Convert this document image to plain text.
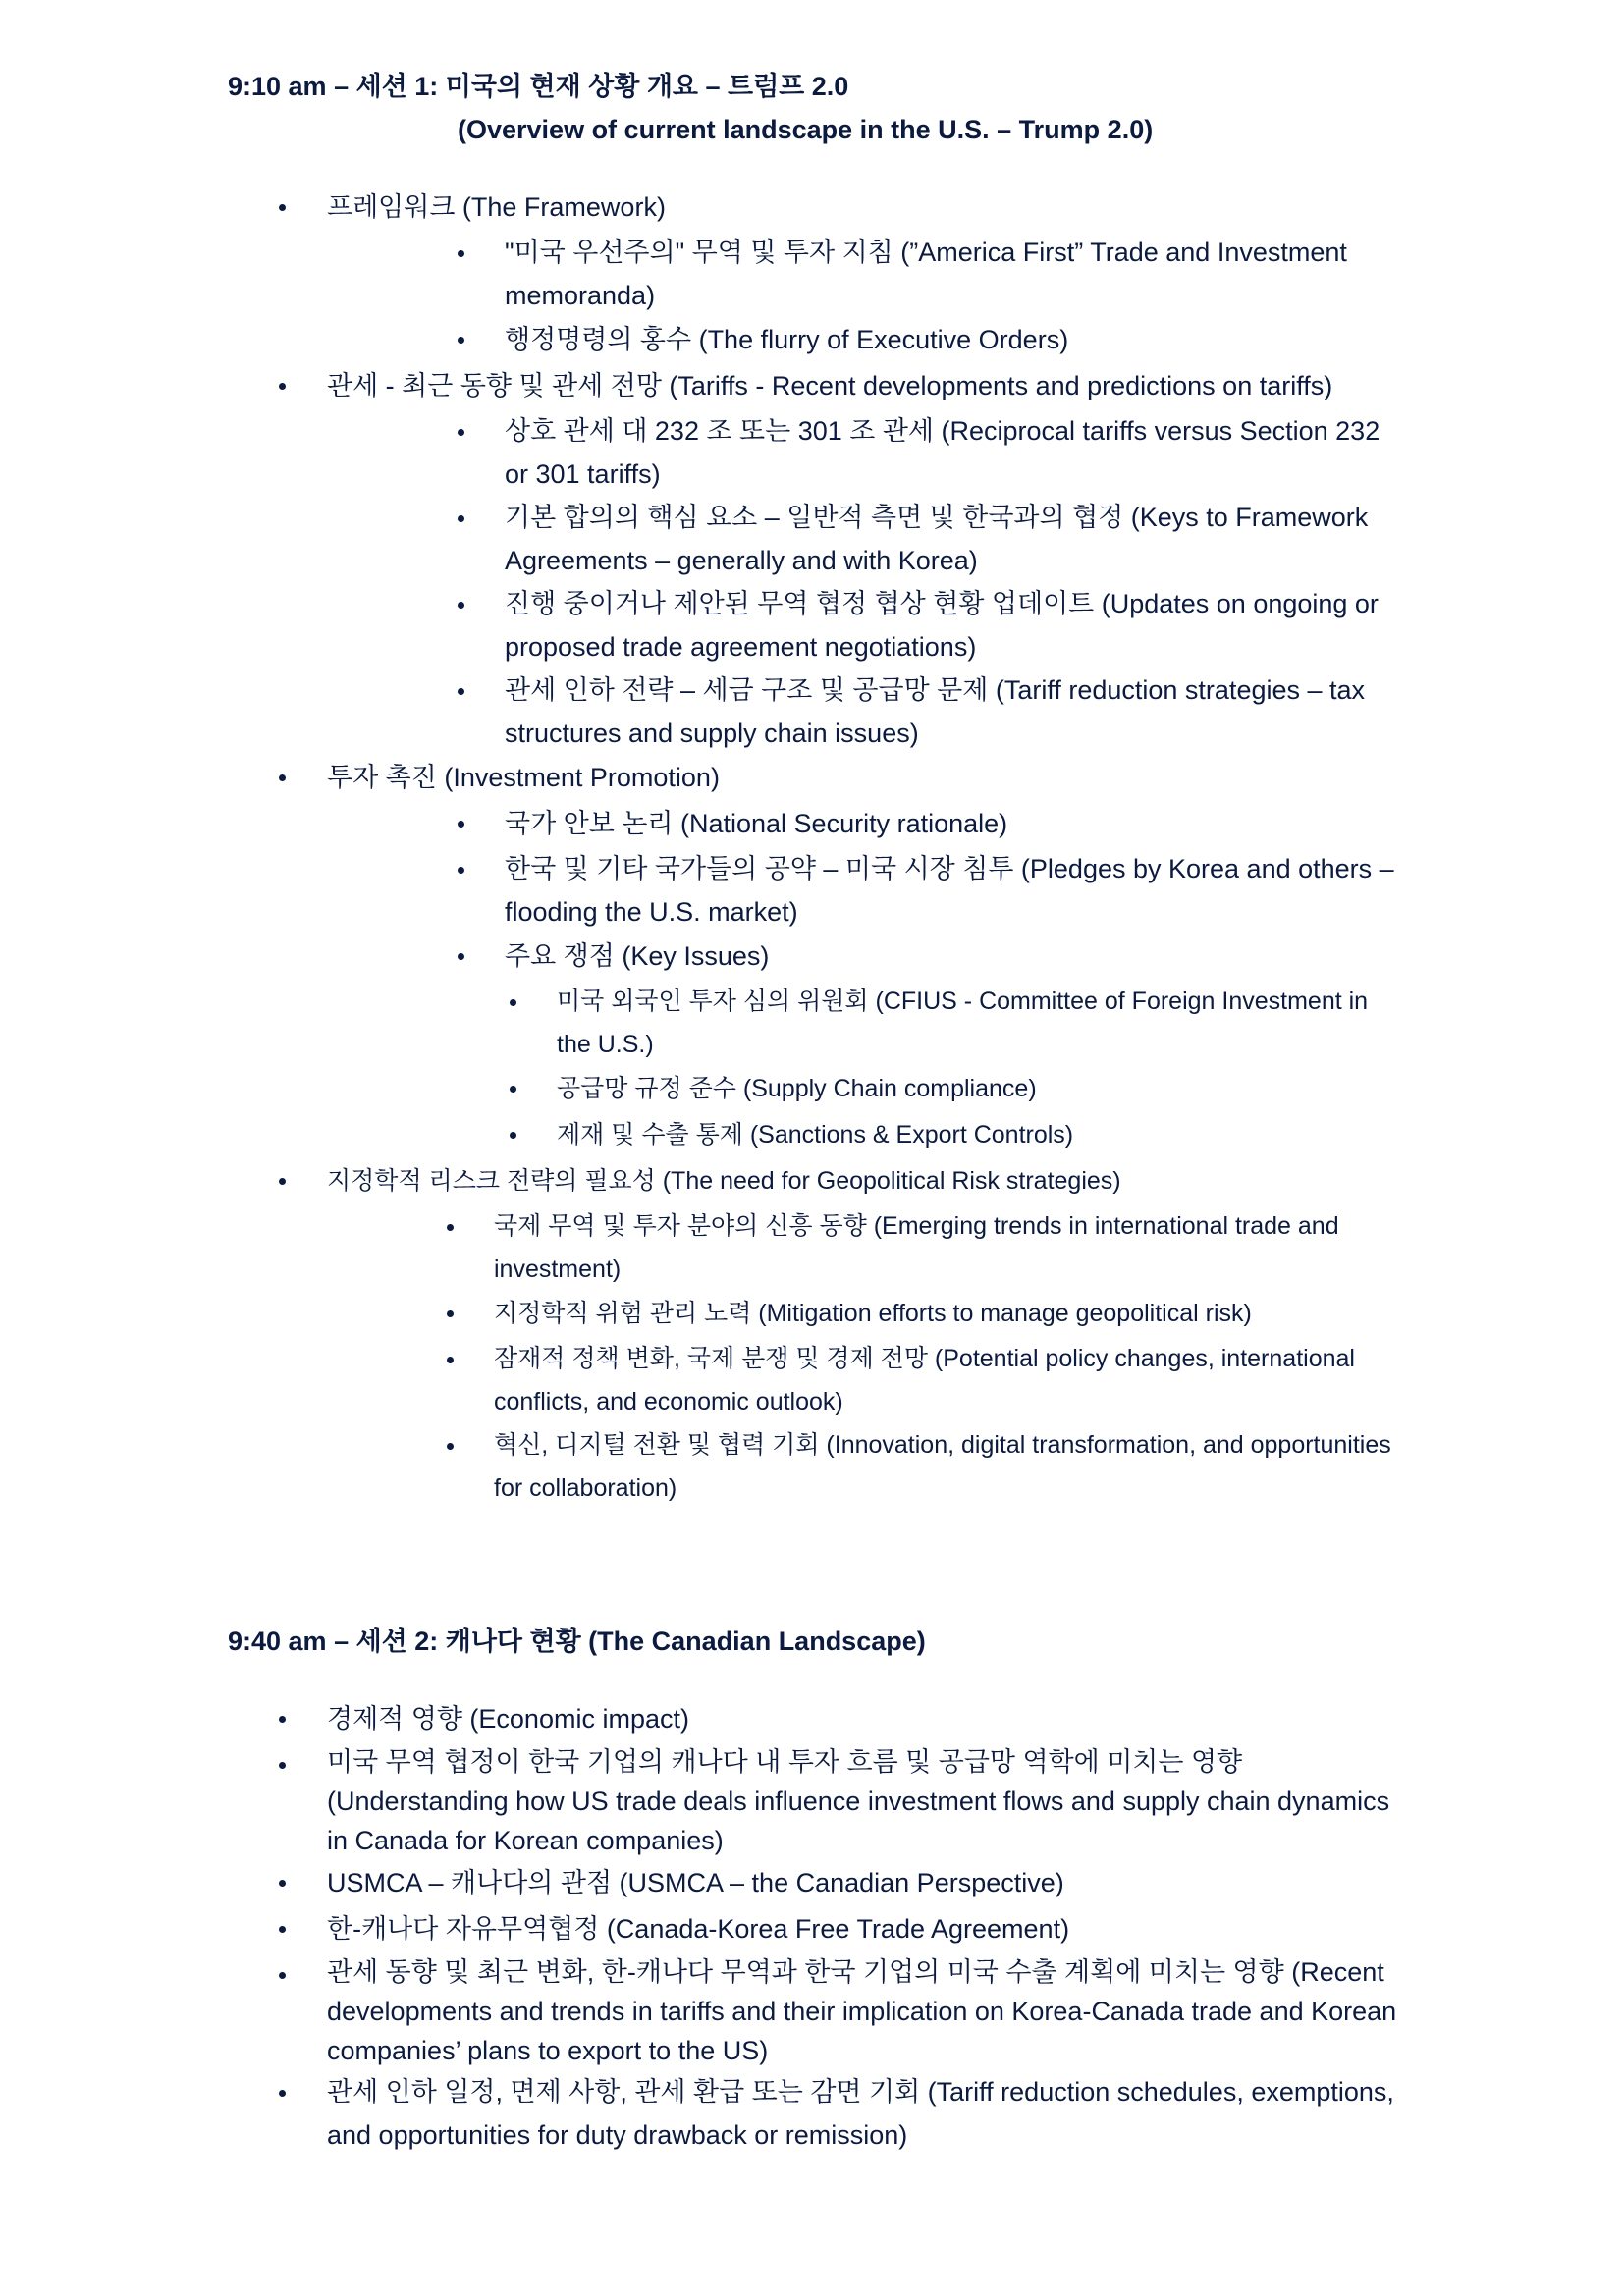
9:10 am – 세션 1: 미국의 현재 상황 개요 – 트럼프 2.0
(Overview of current landscape in the U.S. – Trump 2.0)
프레임워크 (The Framework)
"미국 우선주의" 무역 및 투자 지침 (”America First” Trade and Investment memoranda)
행정명령의 홍수 (The flurry of Executive Orders)
관세 - 최근 동향 및 관세 전망 (Tariffs - Recent developments and predictions on tariffs)
상호 관세 대 232 조 또는 301 조 관세 (Reciprocal tariffs versus Section 232 or 301 tariffs)
기본 합의의 핵심 요소 – 일반적 측면 및 한국과의 협정 (Keys to Framework Agreements – generally and with Korea)
진행 중이거나 제안된 무역 협정 협상 현황 업데이트 (Updates on ongoing or proposed trade agreement negotiations)
관세 인하 전략 – 세금 구조 및 공급망 문제 (Tariff reduction strategies – tax structures and supply chain issues)
투자 촉진 (Investment Promotion)
국가 안보 논리 (National Security rationale)
한국 및 기타 국가들의 공약 – 미국 시장 침투 (Pledges by Korea and others – flooding the U.S. market)
주요 쟁점 (Key Issues)
미국 외국인 투자 심의 위원회 (CFIUS - Committee of Foreign Investment in the U.S.)
공급망 규정 준수 (Supply Chain compliance)
제재 및 수출 통제 (Sanctions & Export Controls)
지정학적 리스크 전략의 필요성 (The need for Geopolitical Risk strategies)
국제 무역 및 투자 분야의 신흥 동향 (Emerging trends in international trade and investment)
지정학적 위험 관리 노력 (Mitigation efforts to manage geopolitical risk)
잠재적 정책 변화, 국제 분쟁 및 경제 전망 (Potential policy changes, international conflicts, and economic outlook)
혁신, 디지털 전환 및 협력 기회 (Innovation, digital transformation, and opportunities for collaboration)
9:40 am – 세션 2: 캐나다 현황 (The Canadian Landscape)
경제적 영향 (Economic impact)
미국 무역 협정이 한국 기업의 캐나다 내 투자 흐름 및 공급망 역학에 미치는 영향 (Understanding how US trade deals influence investment flows and supply chain dynamics in Canada for Korean companies)
USMCA – 캐나다의 관점 (USMCA – the Canadian Perspective)
한-캐나다 자유무역협정 (Canada-Korea Free Trade Agreement)
관세 동향 및 최근 변화, 한-캐나다 무역과 한국 기업의 미국 수출 계획에 미치는 영향 (Recent developments and trends in tariffs and their implication on Korea-Canada trade and Korean companies’ plans to export to the US)
관세 인하 일정, 면제 사항, 관세 환급 또는 감면 기회 (Tariff reduction schedules, exemptions, and opportunities for duty drawback or remission)
